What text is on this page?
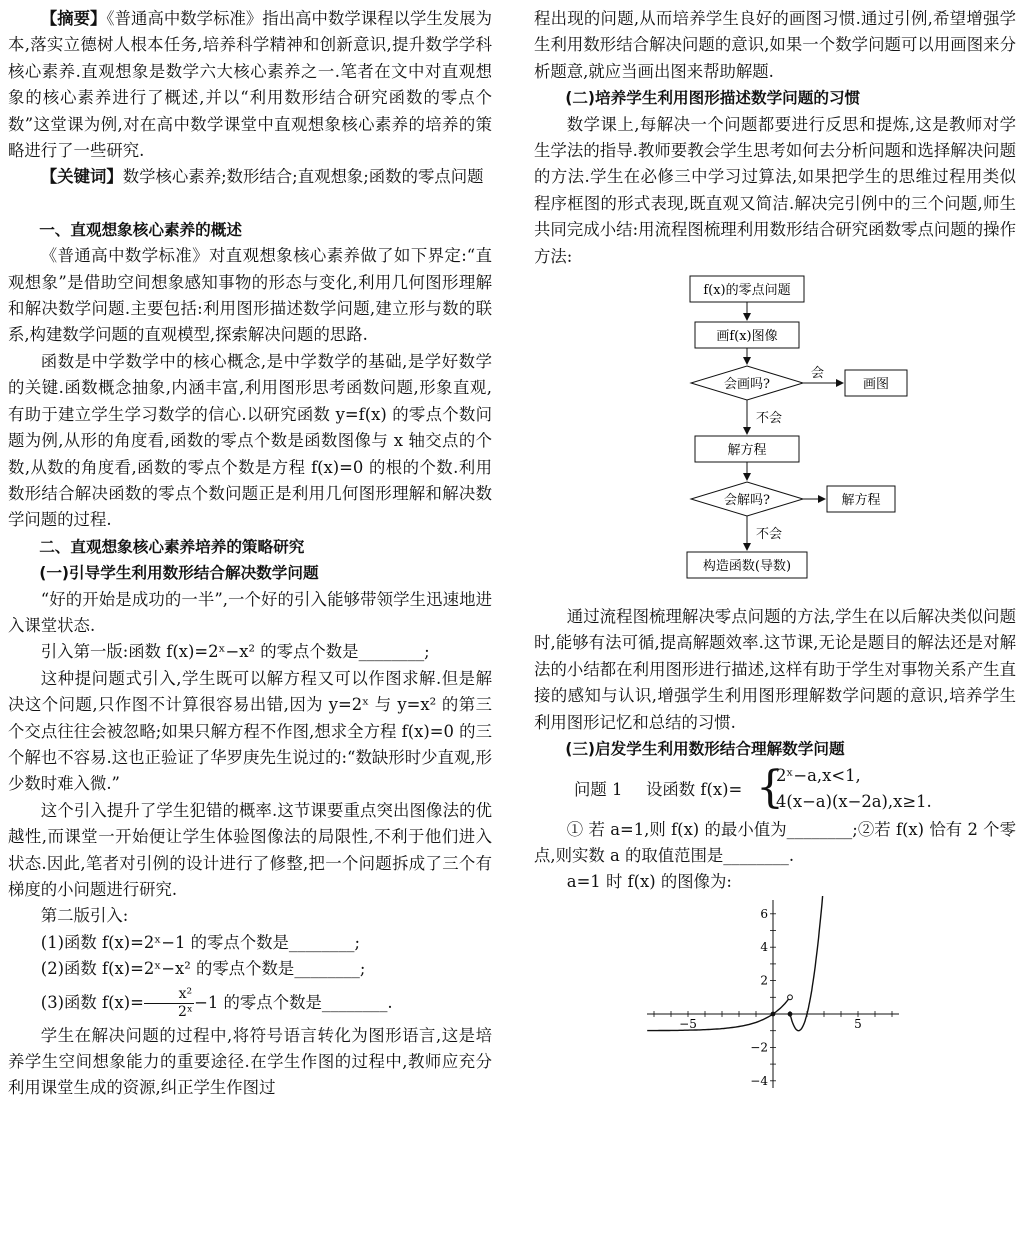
【摘要】《普通高中数学标准》指出高中数学课程以学生发展为本,落实立德树人根本任务,培养科学精神和创新意识,提升数学学科核心素养.直观想象是数学六大核心素养之一.笔者在文中对直观想象的核心素养进行了概述,并以“利用数形结合研究函数的零点个数”这堂课为例,对在高中数学课堂中直观想象核心素养的培养的策略进行了一些研究.

【关键词】数学核心素养;数形结合;直观想象;函数的零点问题

一、直观想象核心素养的概述

《普通高中数学标准》对直观想象核心素养做了如下界定:“直观想象”是借助空间想象感知事物的形态与变化,利用几何图形理解和解决数学问题.主要包括:利用图形描述数学问题,建立形与数的联系,构建数学问题的直观模型,探索解决问题的思路.

函数是中学数学中的核心概念,是中学数学的基础,是学好数学的关键.函数概念抽象,内涵丰富,利用图形思考函数问题,形象直观,有助于建立学生学习数学的信心.以研究函数 y=f(x) 的零点个数问题为例,从形的角度看,函数的零点个数是函数图像与 x 轴交点的个数,从数的角度看,函数的零点个数是方程 f(x)=0 的根的个数.利用数形结合解决函数的零点个数问题正是利用几何图形理解和解决数学问题的过程.

二、直观想象核心素养培养的策略研究

(一)引导学生利用数形结合解决数学问题

“好的开始是成功的一半”,一个好的引入能够带领学生迅速地进入课堂状态.

引入第一版:函数 f(x)=2ˣ−x² 的零点个数是________;

这种提问题式引入,学生既可以解方程又可以作图求解.但是解决这个问题,只作图不计算很容易出错,因为 y=2ˣ 与 y=x² 的第三个交点往往会被忽略;如果只解方程不作图,想求全方程 f(x)=0 的三个解也不容易.这也正验证了华罗庚先生说过的:“数缺形时少直观,形少数时难入微.”

这个引入提升了学生犯错的概率.这节课要重点突出图像法的优越性,而课堂一开始便让学生体验图像法的局限性,不利于他们进入状态.因此,笔者对引例的设计进行了修整,把一个问题拆成了三个有梯度的小问题进行研究.

第二版引入:

(1)函数 f(x)=2ˣ−1 的零点个数是________;

(2)函数 f(x)=2ˣ−x² 的零点个数是________;

(3)函数 $f(x)= \frac{\text{x²}}{\text{2ˣ}} -1$ 的零点个数是________.

学生在解决问题的过程中,将符号语言转化为图形语言,这是培养学生空间想象能力的重要途径.在学生作图的过程中,教师应充分利用课堂生成的资源,纠正学生作图过

程出现的问题,从而培养学生良好的画图习惯.通过引例,希望增强学生利用数形结合解决问题的意识,如果一个数学问题可以用画图来分析题意,就应当画出图来帮助解题.

(二)培养学生利用图形描述数学问题的习惯

数学课上,每解决一个问题都要进行反思和提炼,这是教师对学生学法的指导.教师要教会学生思考如何去分析问题和选择解决问题的方法.学生在必修三中学习过算法,如果把学生的思维过程用类似程序框图的形式表现,既直观又简洁.解决完引例中的三个问题,师生共同完成小结:用流程图梳理利用数形结合研究函数零点问题的操作方法:

f(x)的零点问题
画f(x)图像
会画吗?
会
画图
不会
解方程
会解吗?	解方程
不会
构造函数(导数)

通过流程图梳理解决零点问题的方法,学生在以后解决类似问题时,能够有法可循,提高解题效率.这节课,无论是题目的解法还是对解法的小结都在利用图形进行描述,这样有助于学生对事物关系产生直接的感知与认识,增强学生利用图形理解数学问题的意识,培养学生利用图形记忆和总结的习惯.

(三)启发学生利用数形结合理解数学问题

问题 1 设函数 f(x)= {
2ˣ−a,x<1,
4(x−a)(x−2a),x≥1.

① 若 a=1,则 f(x) 的最小值为________;②若 f(x) 恰有 2 个零点,则实数 a 的取值范围是________.

a=1 时 f(x) 的图像为:

−5	5
6
4
2
−2
−4
